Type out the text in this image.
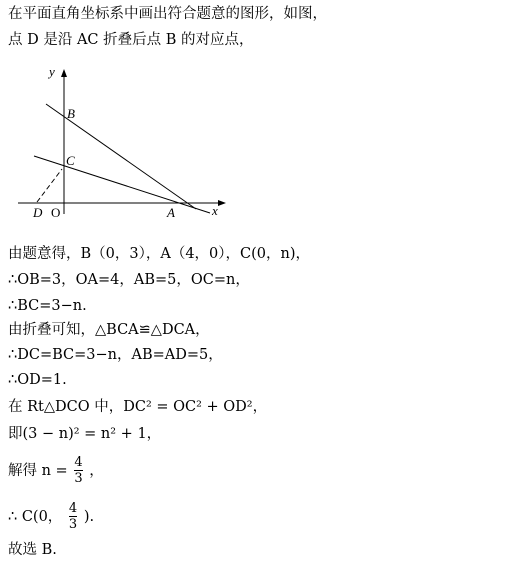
在平面直角坐标系中画出符合题意的图形，如图，
点 D 是沿 AC 折叠后点 B 的对应点，
y
x
B
C
D O	A
由题意得，B（0，3），A（4，0），C(0，n)，
∴OB=3，OA=4，AB=5，OC=n，
∴BC=3−n.
由折叠可知，△BCA≌△DCA，
∴DC=BC=3−n，AB=AD=5，
∴OD=1.
在 Rt△DCO 中，DC² = OC² + OD²，
即(3 − n)² = n² + 1，
解得 $n = \frac{4}{3}$ ，
∴ C(0， $\frac{4}{3}$ ).
故选 B.
